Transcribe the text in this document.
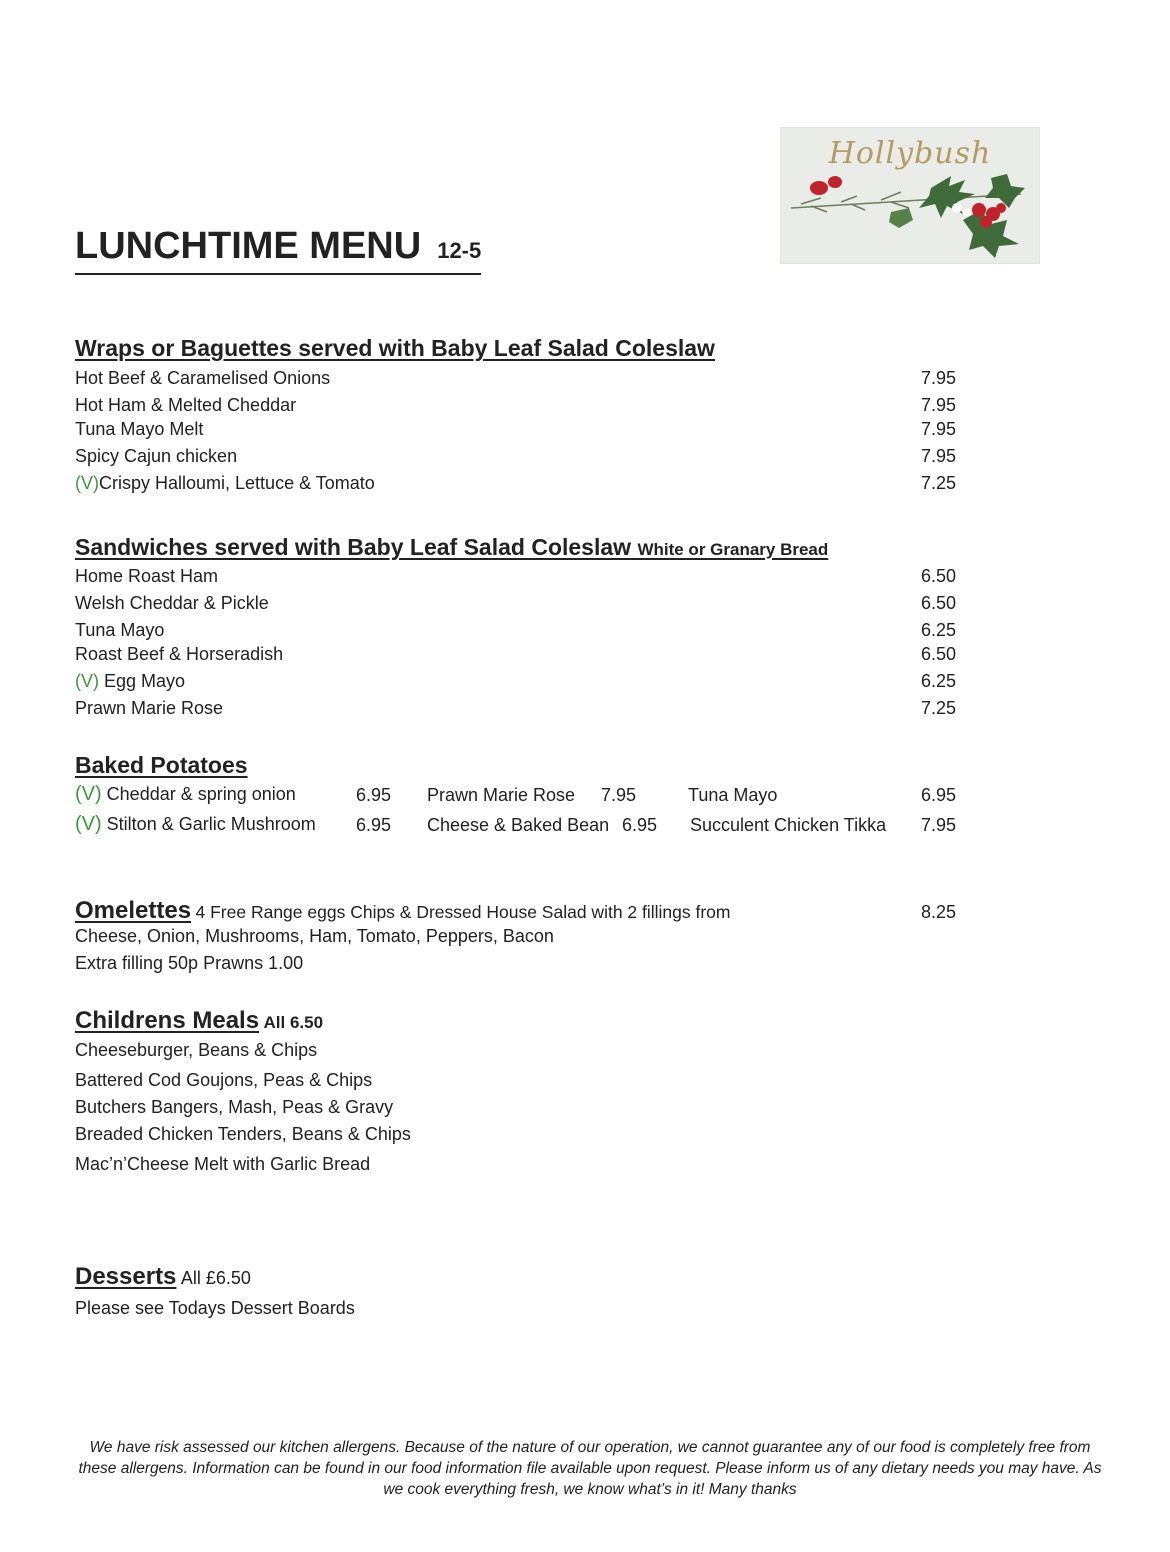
Hollybush
LUNCHTIME MENU 12-5
Wraps or Baguettes served with Baby Leaf Salad Coleslaw
Hot Beef & Caramelised Onions	7.95
Hot Ham & Melted Cheddar	7.95
Tuna Mayo Melt	7.95
Spicy Cajun chicken	7.95
(V)Crispy Halloumi, Lettuce & Tomato	7.25
Sandwiches served with Baby Leaf Salad Coleslaw White or Granary Bread
Home Roast Ham	6.50
Welsh Cheddar & Pickle	6.50
Tuna Mayo	6.25
Roast Beef & Horseradish	6.50
(V) Egg Mayo	6.25
Prawn Marie Rose	7.25
Baked Potatoes
(V) Cheddar & spring onion	6.95 Prawn Marie Rose 7.95	Tuna Mayo	6.95
(V) Stilton & Garlic Mushroom 6.95 Cheese & Baked Bean 6.95 Succulent Chicken Tikka 7.95
Omelettes 4 Free Range eggs Chips & Dressed House Salad with 2 fillings from	8.25
Cheese, Onion, Mushrooms, Ham, Tomato, Peppers, Bacon
Extra filling 50p Prawns 1.00
Childrens Meals All 6.50
Cheeseburger, Beans & Chips
Battered Cod Goujons, Peas & Chips
Butchers Bangers, Mash, Peas & Gravy
Breaded Chicken Tenders, Beans & Chips
Mac’n’Cheese Melt with Garlic Bread
Desserts All £6.50
Please see Todays Dessert Boards
We have risk assessed our kitchen allergens. Because of the nature of our operation, we cannot guarantee any of our food is completely free from these allergens. Information can be found in our food information file available upon request. Please inform us of any dietary needs you may have. As we cook everything fresh, we know what’s in it! Many thanks
